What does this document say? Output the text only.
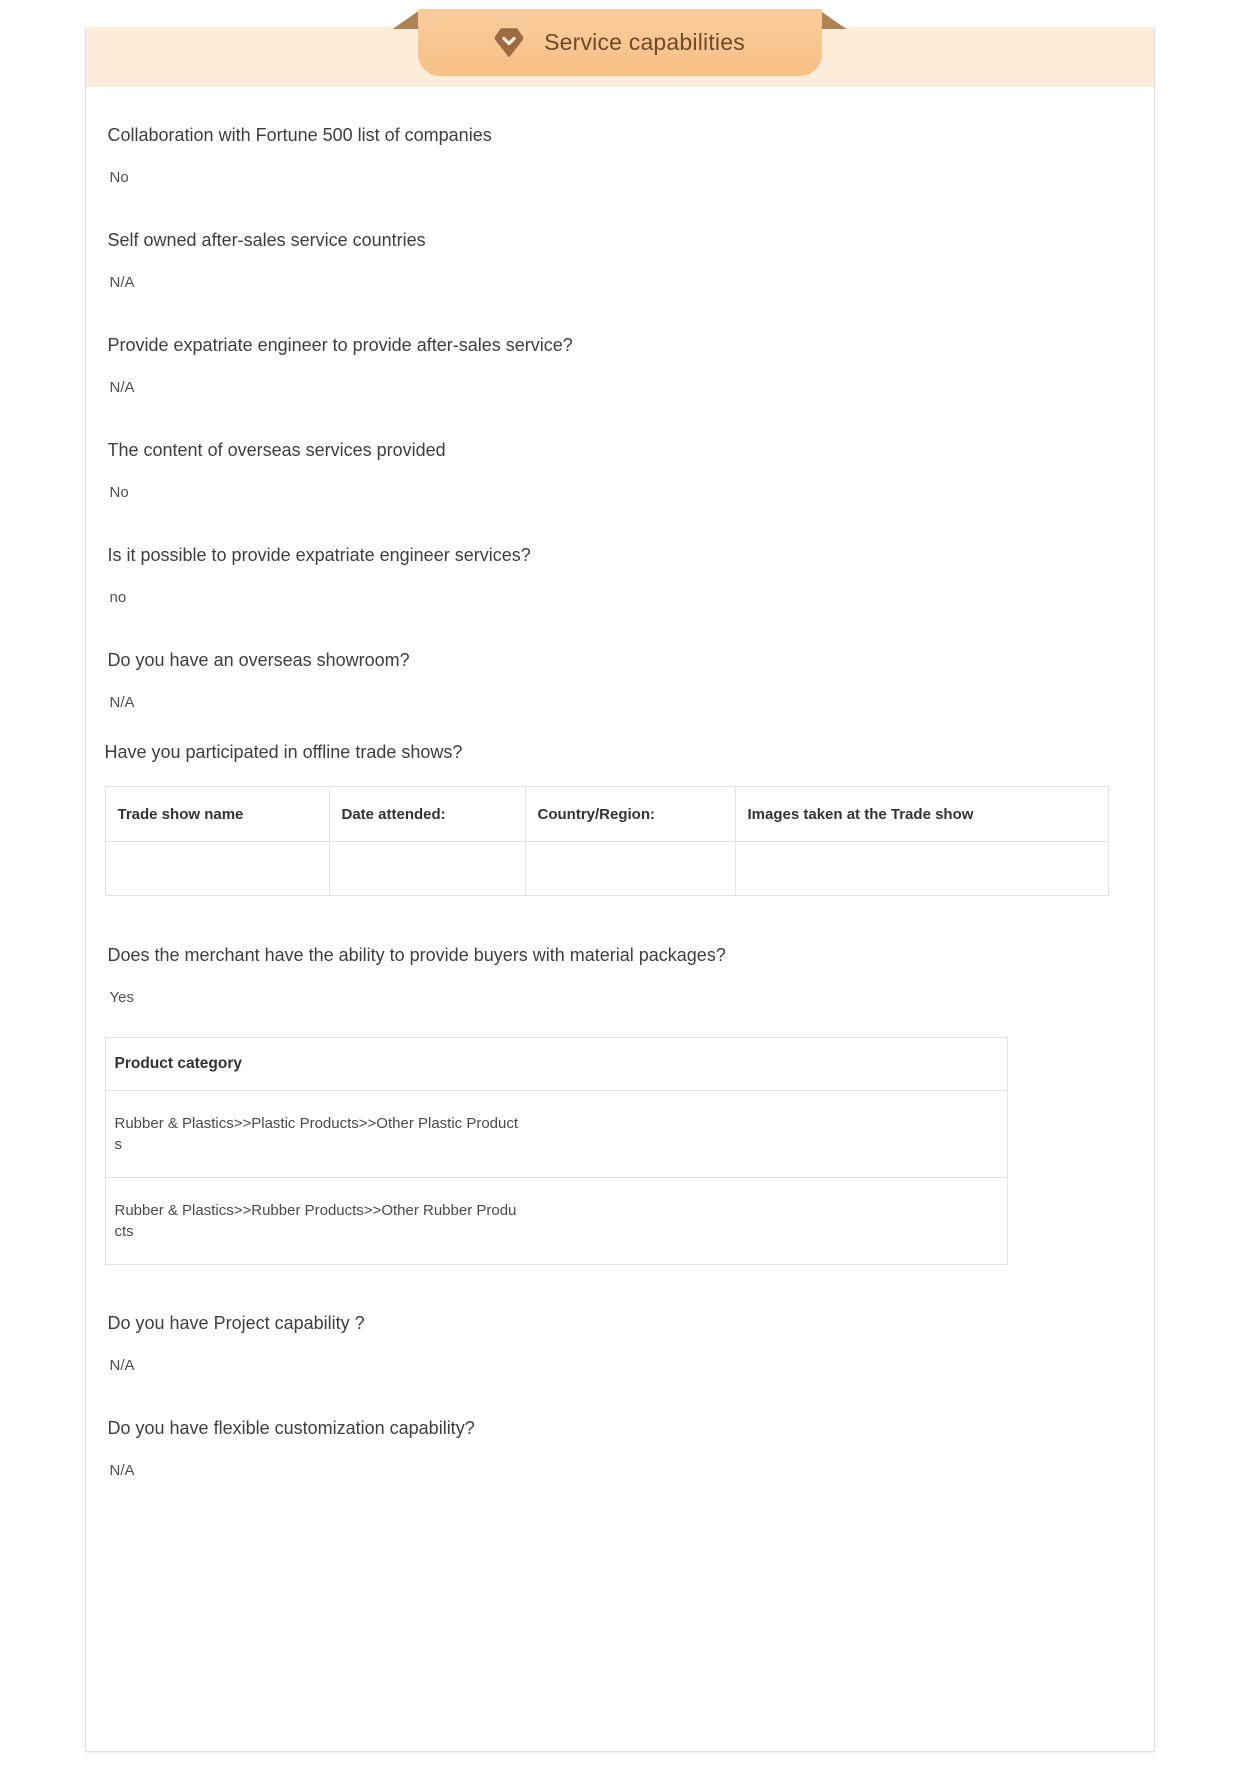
Service capabilities

Collaboration with Fortune 500 list of companies

No

Self owned after-sales service countries

N/A

Provide expatriate engineer to provide after-sales service?

N/A

The content of overseas services provided

No

Is it possible to provide expatriate engineer services?

no

Do you have an overseas showroom?

N/A

Have you participated in offline trade shows?

Trade show name	Date attended:	Country/Region:	Images taken at the Trade show

Does the merchant have the ability to provide buyers with material packages?

Yes

Product category

Rubber & Plastics>>Plastic Products>>Other Plastic Products

Rubber & Plastics>>Rubber Products>>Other Rubber Products

Do you have Project capability ?

N/A

Do you have flexible customization capability?

N/A
